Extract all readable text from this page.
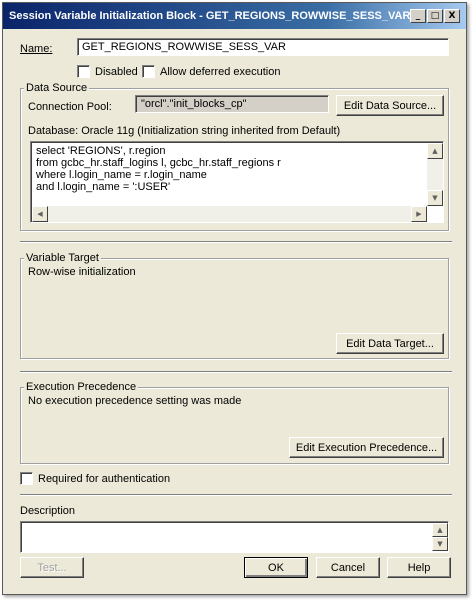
Session Variable Initialization Block - GET_REGIONS_ROWWISE_SESS_VAR _	□	X
Name:	GET_REGIONS_ROWWISE_SESS_VAR
Disabled Allow deferred execution
Data Source
Connection Pool:	"orcl"."init_blocks_cp"	Edit Data Source...
Database: Oracle 11g (Initialization string inherited from Default)
select 'REGIONS', r.region
from gcbc_hr.staff_logins l, gcbc_hr.staff_regions r
where l.login_name = r.login_name
and l.login_name = ':USER'
▲
▼
◀	▶
Variable Target
Row-wise initialization
Edit Data Target...
Execution Precedence
No execution precedence setting was made
Edit Execution Precedence...
Required for authentication
Description
▲
▼
Test...	OK	Cancel	Help
